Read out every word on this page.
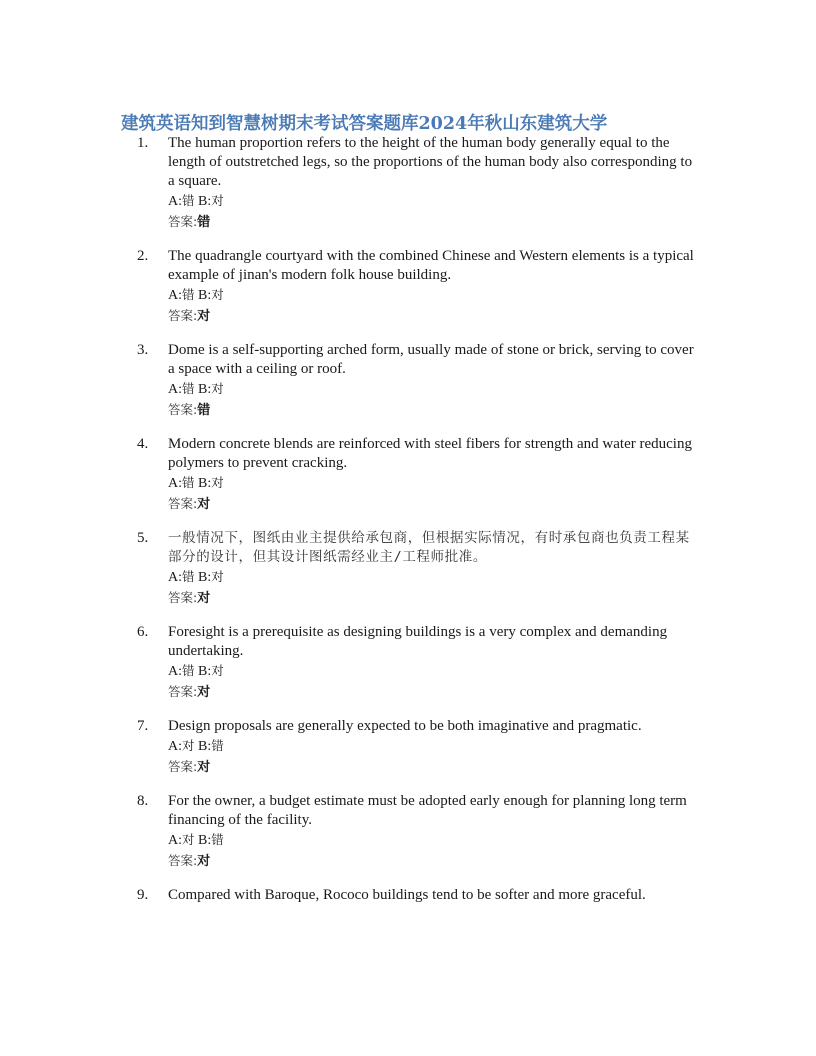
建筑英语知到智慧树期末考试答案题库2024年秋山东建筑大学
1. The human proportion refers to the height of the human body generally equal to the length of outstretched legs, so the proportions of the human body also corresponding to a square.

A:错 B:对

答案:错

2. The quadrangle courtyard with the combined Chinese and Western elements is a typical example of jinan's modern folk house building.

A:错 B:对

答案:对

3. Dome is a self-supporting arched form, usually made of stone or brick, serving to cover a space with a ceiling or roof.

A:错 B:对

答案:错

4. Modern concrete blends are reinforced with steel fibers for strength and water reducing polymers to prevent cracking.

A:错 B:对

答案:对

5. 一般情况下，图纸由业主提供给承包商，但根据实际情况，有时承包商也负责工程某部分的设计，但其设计图纸需经业主/工程师批准。

A:错 B:对

答案:对

6. Foresight is a prerequisite as designing buildings is a very complex and demanding undertaking.

A:错 B:对

答案:对

7. Design proposals are generally expected to be both imaginative and pragmatic.

A:对 B:错

答案:对

8. For the owner, a budget estimate must be adopted early enough for planning long term financing of the facility.

A:对 B:错

答案:对

9. Compared with Baroque, Rococo buildings tend to be softer and more graceful.
